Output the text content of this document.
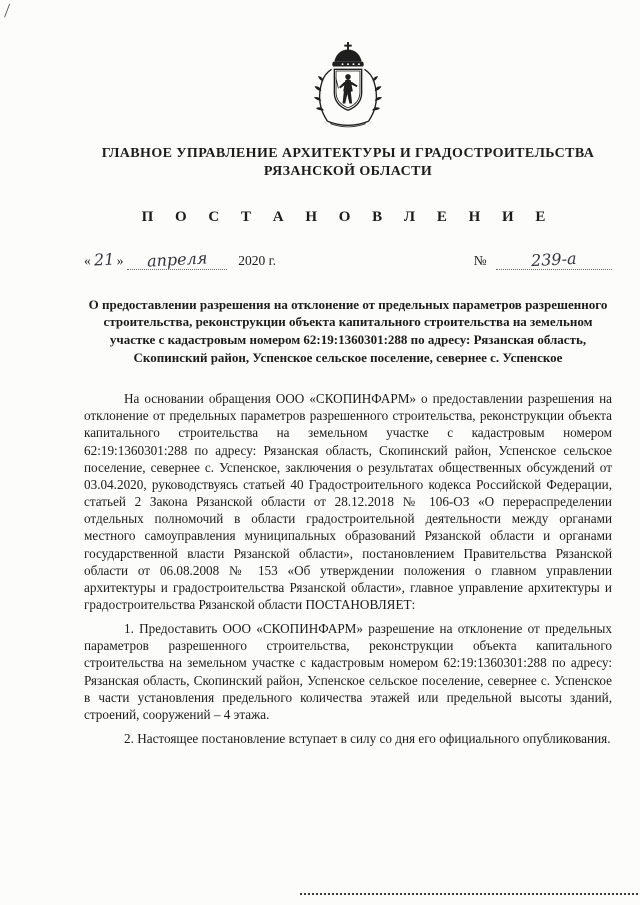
⁄
ГЛАВНОЕ УПРАВЛЕНИЕ АРХИТЕКТУРЫ И ГРАДОСТРОИТЕЛЬСТВА
РЯЗАНСКОЙ ОБЛАСТИ
П О С Т А Н О В Л Е Н И Е
« 21 » апреля 2020 г.	№	239-а
О предоставлении разрешения на отклонение от предельных параметров разрешенного строительства, реконструкции объекта капитального строительства на земельном участке с кадастровым номером 62:19:1360301:288 по адресу: Рязанская область, Скопинский район, Успенское сельское поселение, севернее с. Успенское

На основании обращения ООО «СКОПИНФАРМ» о предоставлении разрешения на отклонение от предельных параметров разрешенного строительства, реконструкции объекта капитального строительства на земельном участке с кадастровым номером 62:19:1360301:288 по адресу: Рязанская область, Скопинский район, Успенское сельское поселение, севернее с. Успенское, заключения о результатах общественных обсуждений от 03.04.2020, руководствуясь статьей 40 Градостроительного кодекса Российской Федерации, статьей 2 Закона Рязанской области от 28.12.2018 № 106-ОЗ «О перераспределении отдельных полномочий в области градостроительной деятельности между органами местного самоуправления муниципальных образований Рязанской области и органами государственной власти Рязанской области», постановлением Правительства Рязанской области от 06.08.2008 № 153 «Об утверждении положения о главном управлении архитектуры и градостроительства Рязанской области», главное управление архитектуры и градостроительства Рязанской области ПОСТАНОВЛЯЕТ:

1. Предоставить ООО «СКОПИНФАРМ» разрешение на отклонение от предельных параметров разрешенного строительства, реконструкции объекта капитального строительства на земельном участке с кадастровым номером 62:19:1360301:288 по адресу: Рязанская область, Скопинский район, Успенское сельское поселение, севернее с. Успенское в части установления предельного количества этажей или предельной высоты зданий, строений, сооружений – 4 этажа.

2. Настоящее постановление вступает в силу со дня его официального опубликования.
